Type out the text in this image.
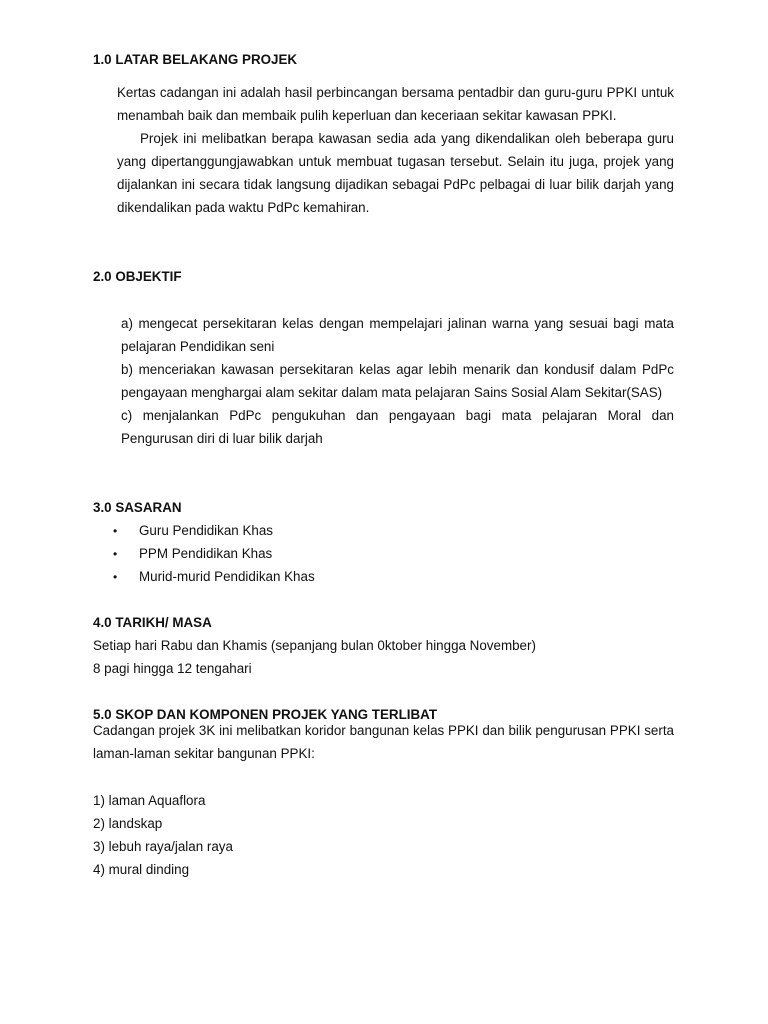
1.0 LATAR BELAKANG PROJEK

Kertas cadangan ini adalah hasil perbincangan bersama pentadbir dan guru-guru PPKI untuk menambah baik dan membaik pulih keperluan dan keceriaan sekitar kawasan PPKI.

Projek ini melibatkan berapa kawasan sedia ada yang dikendalikan oleh beberapa guru yang dipertanggungjawabkan untuk membuat tugasan tersebut. Selain itu juga, projek yang dijalankan ini secara tidak langsung dijadikan sebagai PdPc pelbagai di luar bilik darjah yang dikendalikan pada waktu PdPc kemahiran.

2.0 OBJEKTIF

a) mengecat persekitaran kelas dengan mempelajari jalinan warna yang sesuai bagi mata pelajaran Pendidikan seni

b) menceriakan kawasan persekitaran kelas agar lebih menarik dan kondusif dalam PdPc pengayaan menghargai alam sekitar dalam mata pelajaran Sains Sosial Alam Sekitar(SAS)

c) menjalankan PdPc pengukuhan dan pengayaan bagi mata pelajaran Moral dan Pengurusan diri di luar bilik darjah

3.0 SASARAN
• Guru Pendidikan Khas
• PPM Pendidikan Khas
• Murid-murid Pendidikan Khas
4.0 TARIKH/ MASA
Setiap hari Rabu dan Khamis (sepanjang bulan 0ktober hingga November)
8 pagi hingga 12 tengahari
5.0 SKOP DAN KOMPONEN PROJEK YANG TERLIBAT
Cadangan projek 3K ini melibatkan koridor bangunan kelas PPKI dan bilik pengurusan PPKI serta laman-laman sekitar bangunan PPKI:
1) laman Aquaflora
2) landskap
3) lebuh raya/jalan raya
4) mural dinding
